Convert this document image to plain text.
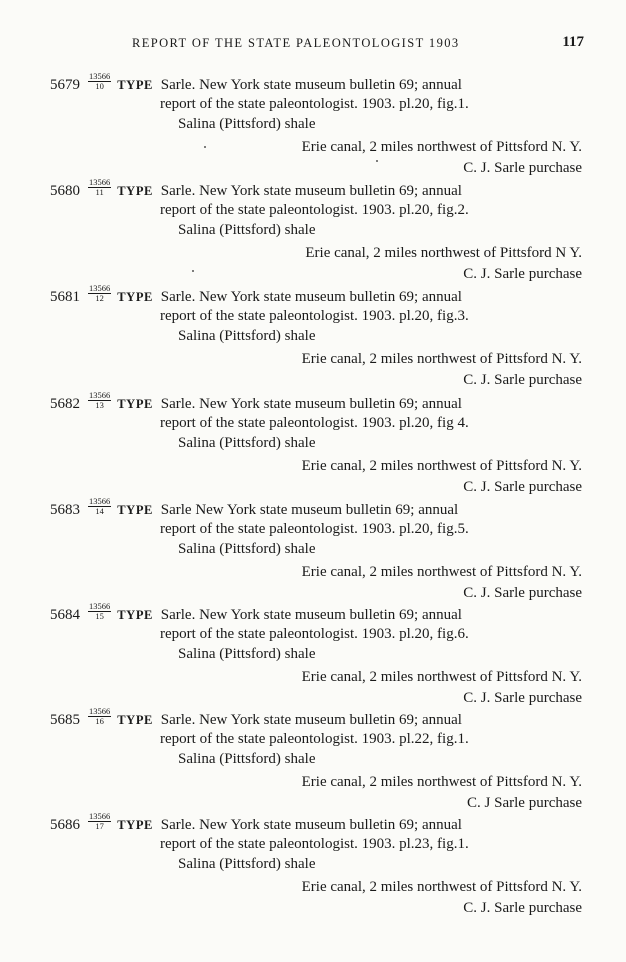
REPORT OF THE STATE PALEONTOLOGIST 1903	117
$5679 \frac{13566}{10}$ TYPE Sarle. New York state museum bulletin 69; annual
report of the state paleontologist. 1903. pl.20, fig.1.
Salina (Pittsford) shale
Erie canal, 2 miles northwest of Pittsford N. Y.
C. J. Sarle purchase
$5680 \frac{13566}{11}$ TYPE Sarle. New York state museum bulletin 69; annual
report of the state paleontologist. 1903. pl.20, fig.2.
Salina (Pittsford) shale
Erie canal, 2 miles northwest of Pittsford N Y.
C. J. Sarle purchase
$5681 \frac{13566}{12}$ TYPE Sarle. New York state museum bulletin 69; annual
report of the state paleontologist. 1903. pl.20, fig.3.
Salina (Pittsford) shale
Erie canal, 2 miles northwest of Pittsford N. Y.
C. J. Sarle purchase
$5682 \frac{13566}{13}$ TYPE Sarle. New York state museum bulletin 69; annual
report of the state paleontologist. 1903. pl.20, fig 4.
Salina (Pittsford) shale
Erie canal, 2 miles northwest of Pittsford N. Y.
C. J. Sarle purchase
$5683 \frac{13566}{14}$ TYPE Sarle New York state museum bulletin 69; annual
report of the state paleontologist. 1903. pl.20, fig.5.
Salina (Pittsford) shale
Erie canal, 2 miles northwest of Pittsford N. Y.
C. J. Sarle purchase
$5684 \frac{13566}{15}$ TYPE Sarle. New York state museum bulletin 69; annual
report of the state paleontologist. 1903. pl.20, fig.6.
Salina (Pittsford) shale
Erie canal, 2 miles northwest of Pittsford N. Y.
C. J. Sarle purchase
$5685 \frac{13566}{16}$ TYPE Sarle. New York state museum bulletin 69; annual
report of the state paleontologist. 1903. pl.22, fig.1.
Salina (Pittsford) shale
Erie canal, 2 miles northwest of Pittsford N. Y.
C. J Sarle purchase
$5686 \frac{13566}{17}$ TYPE Sarle. New York state museum bulletin 69; annual
report of the state paleontologist. 1903. pl.23, fig.1.
Salina (Pittsford) shale
Erie canal, 2 miles northwest of Pittsford N. Y.
C. J. Sarle purchase
